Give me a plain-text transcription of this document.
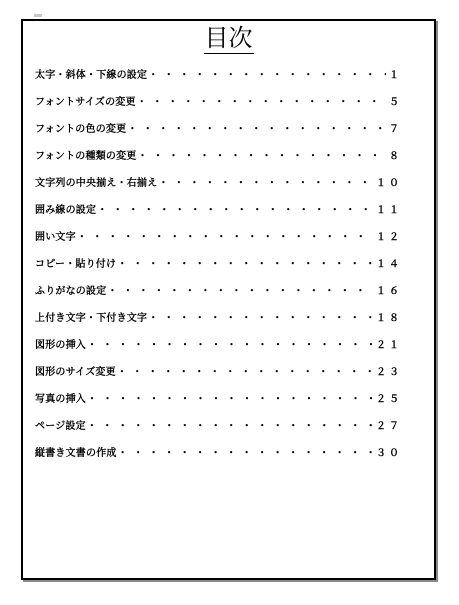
目次
太字・斜体・下線の設定 ・・・・・・・・・・・・・・・・・・・・・・・・・・・・・・・・・・・・・・	１
フォントサイズの変更 ・・・・・・・・・・・・・・・・・・・・・・・・・・・・・・・・・・・・・・	５
フォントの色の変更 ・・・・・・・・・・・・・・・・・・・・・・・・・・・・・・・・・・・・・・	７
フォントの種類の変更 ・・・・・・・・・・・・・・・・・・・・・・・・・・・・・・・・・・・・・・	８
文字列の中央揃え・右揃え ・・・・・・・・・・・・・・・・・・・・・・・・・・・・・・・・・・・・・・	１０
囲み線の設定 ・・・・・・・・・・・・・・・・・・・・・・・・・・・・・・・・・・・・・・	１１
囲い文字 ・・・・・・・・・・・・・・・・・・・・・・・・・・・・・・・・・・・・・・	１２
コピー・貼り付け ・・・・・・・・・・・・・・・・・・・・・・・・・・・・・・・・・・・・・・	１４
ふりがなの設定 ・・・・・・・・・・・・・・・・・・・・・・・・・・・・・・・・・・・・・・	１６
上付き文字・下付き文字 ・・・・・・・・・・・・・・・・・・・・・・・・・・・・・・・・・・・・・・	１８
図形の挿入 ・・・・・・・・・・・・・・・・・・・・・・・・・・・・・・・・・・・・・・	２１
図形のサイズ変更 ・・・・・・・・・・・・・・・・・・・・・・・・・・・・・・・・・・・・・・	２３
写真の挿入 ・・・・・・・・・・・・・・・・・・・・・・・・・・・・・・・・・・・・・・	２５
ページ設定 ・・・・・・・・・・・・・・・・・・・・・・・・・・・・・・・・・・・・・・	２７
縦書き文書の作成 ・・・・・・・・・・・・・・・・・・・・・・・・・・・・・・・・・・・・・・	３０
